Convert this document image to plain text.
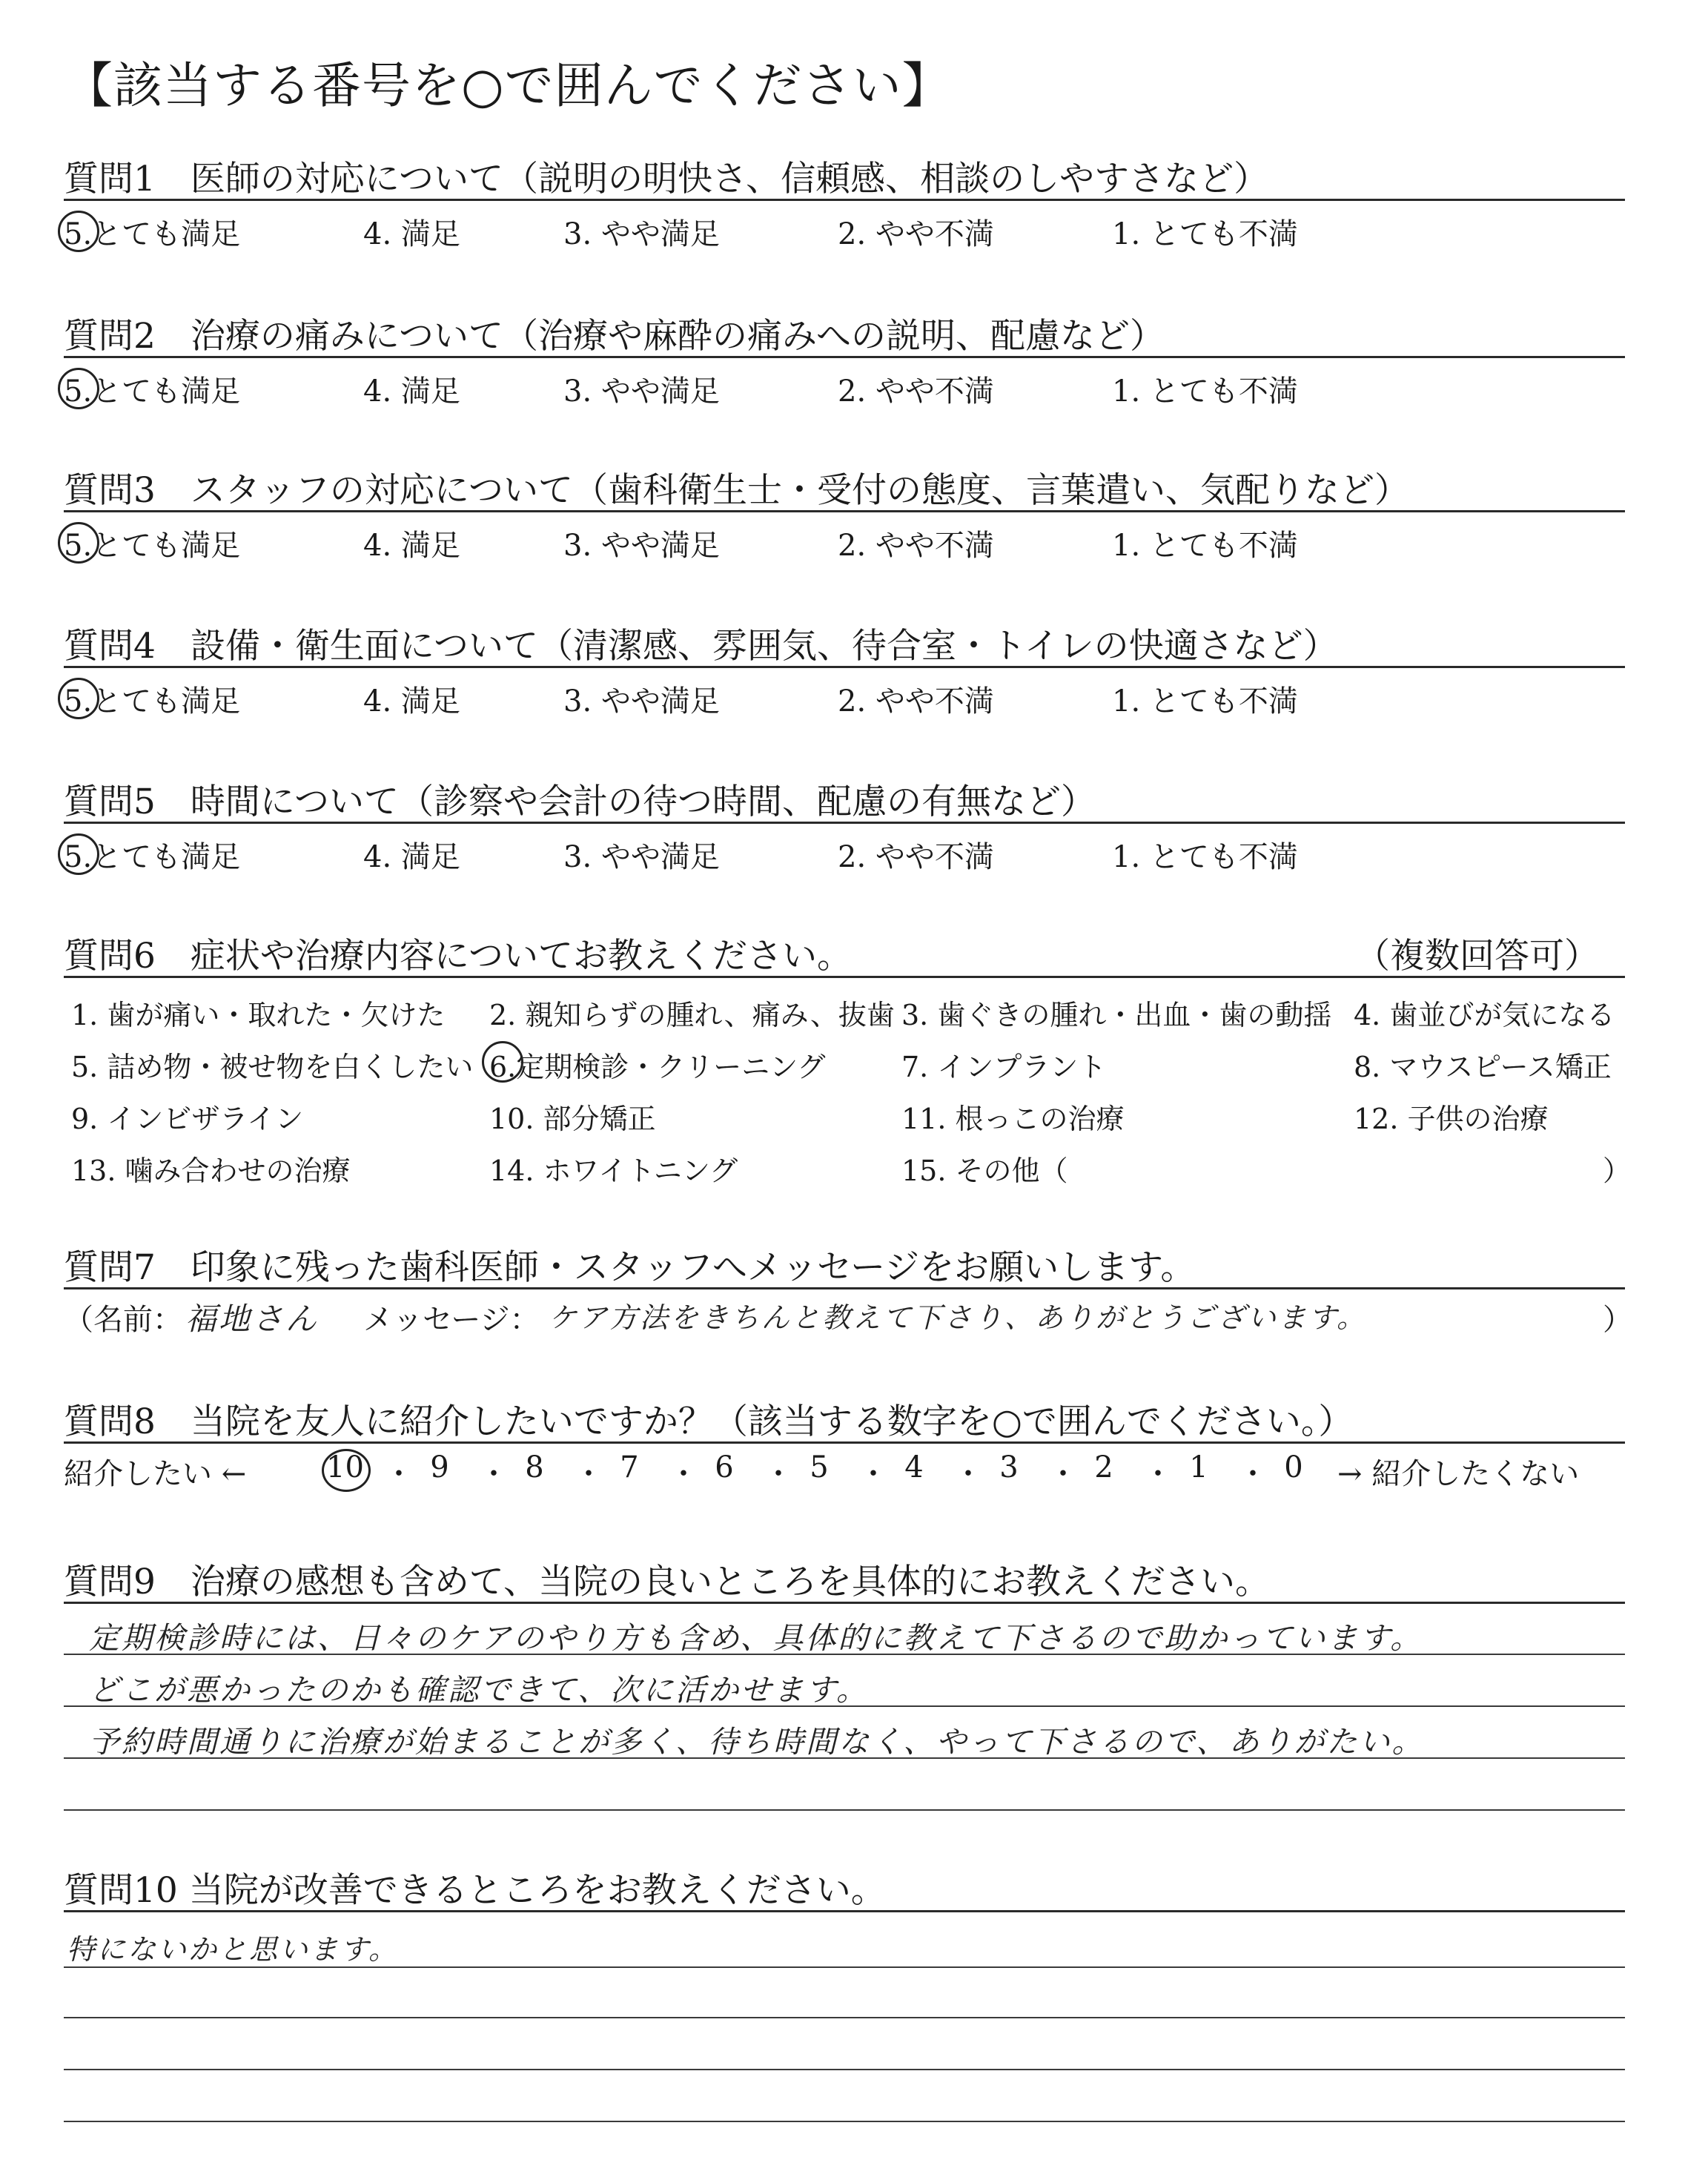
【該当する番号を○で囲んでください】
質問6　症状や治療内容についてお教えください。	（複数回答可）
質問7　印象に残った歯科医師・スタッフへメッセージをお願いします。
（名前： 福地さん メッセージ： ケア方法をきちんと教えて下さり、ありがとうございます。	）
質問8　当院を友人に紹介したいですか？（該当する数字を○で囲んでください。）
紹介したい ←	→ 紹介したくない
質問9　治療の感想も含めて、当院の良いところを具体的にお教えください。
質問10 当院が改善できるところをお教えください。
質問1　医師の対応について（説明の明快さ、信頼感、相談のしやすさなど）
5.とても満足	4. 満足	3. やや満足	2. やや不満	1. とても不満
質問2　治療の痛みについて（治療や麻酔の痛みへの説明、配慮など）
5.とても満足	4. 満足	3. やや満足	2. やや不満	1. とても不満
質問3　スタッフの対応について（歯科衛生士・受付の態度、言葉遣い、気配りなど）
5.とても満足	4. 満足	3. やや満足	2. やや不満	1. とても不満
質問4　設備・衛生面について（清潔感、雰囲気、待合室・トイレの快適さなど）
5.とても満足	4. 満足	3. やや満足	2. やや不満	1. とても不満
質問5　時間について（診察や会計の待つ時間、配慮の有無など）
5.とても満足	4. 満足	3. やや満足	2. やや不満	1. とても不満
1. 歯が痛い・取れた・欠けた 2. 親知らずの腫れ、痛み、抜歯 3. 歯ぐきの腫れ・出血・歯の動揺 4. 歯並びが気になる
5. 詰め物・被せ物を白くしたい 6.定期検診・クリーニング	7. インプラント	8. マウスピース矯正
9. インビザライン	10. 部分矯正	11. 根っこの治療	12. 子供の治療
13. 噛み合わせの治療	14. ホワイトニング	15. その他（	）
10 ・ 9	・ 8	・ 7	・ 6	・ 5	・ 4	・ 3	・ 2	・ 1	・ 0
定期検診時には、日々のケアのやり方も含め、具体的に教えて下さるので助かっています。
どこが悪かったのかも確認できて、次に活かせます。
予約時間通りに治療が始まることが多く、待ち時間なく、やって下さるので、ありがたい。
特にないかと思います。
